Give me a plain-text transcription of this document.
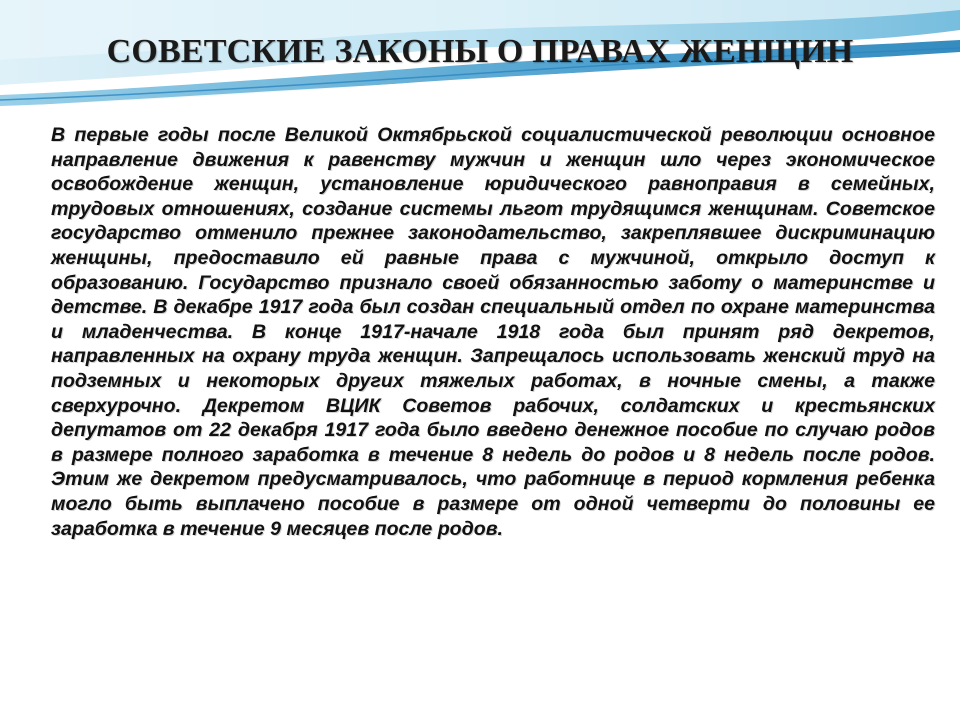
СОВЕТСКИЕ ЗАКОНЫ О ПРАВАХ ЖЕНЩИН

В первые годы после Великой Октябрьской социалистической революции основное направление движения к равенству мужчин и женщин шло через экономическое освобождение женщин, установление юридического равноправия в семейных, трудовых отношениях, создание системы льгот трудящимся женщинам. Советское государство отменило прежнее законодательство, закреплявшее дискриминацию женщины, предоставило ей равные права с мужчиной, открыло доступ к образованию. Государство признало своей обязанностью заботу о материнстве и детстве. В декабре 1917 года был создан специальный отдел по охране материнства и младенчества. В конце 1917-начале 1918 года был принят ряд декретов, направленных на охрану труда женщин. Запрещалось использовать женский труд на подземных и некоторых других тяжелых работах, в ночные смены, а также сверхурочно. Декретом ВЦИК Советов рабочих, солдатских и крестьянских депутатов от 22 декабря 1917 года было введено денежное пособие по случаю родов в размере полного заработка в течение 8 недель до родов и 8 недель после родов. Этим же декретом предусматривалось, что работнице в период кормления ребенка могло быть выплачено пособие в размере от одной четверти до половины ее заработка в течение 9 месяцев после родов.
